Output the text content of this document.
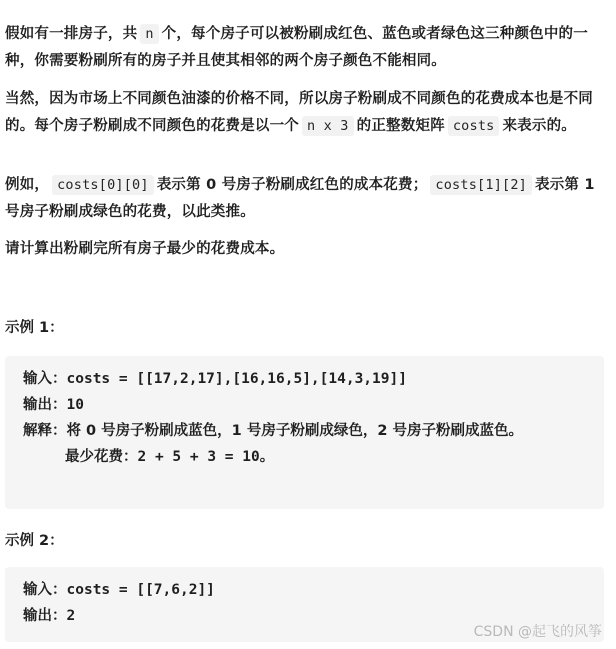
假如有一排房子，共 n 个，每个房子可以被粉刷成红色、蓝色或者绿色这三种颜色中的一种，你需要粉刷所有的房子并且使其相邻的两个房子颜色不能相同。

当然，因为市场上不同颜色油漆的价格不同，所以房子粉刷成不同颜色的花费成本也是不同的。每个房子粉刷成不同颜色的花费是以一个 n x 3 的正整数矩阵 costs 来表示的。

例如， costs[0][0] 表示第 0 号房子粉刷成红色的成本花费； costs[1][2] 表示第 1 号房子粉刷成绿色的花费，以此类推。

请计算出粉刷完所有房子最少的花费成本。

示例 1：
输入：costs = [[17,2,17],[16,16,5],[14,3,19]]
输出：10
解释：将 0 号房子粉刷成蓝色，1 号房子粉刷成绿色，2 号房子粉刷成蓝色。
最少花费：2 + 5 + 3 = 10。
示例 2：
输入：costs = [[7,6,2]]
输出：2
CSDN @起飞的风筝
